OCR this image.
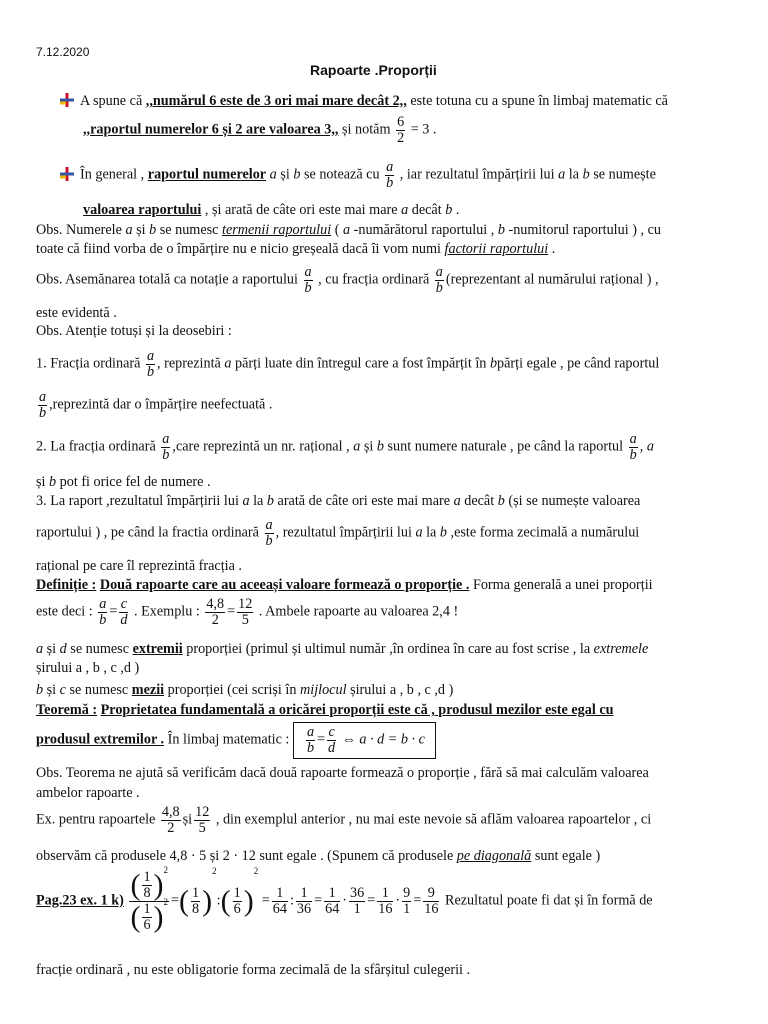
7.12.2020
Rapoarte .Proporții
A spune că ,,numărul 6 este de 3 ori mai mare decât 2,, este totuna cu a spune în limbaj matematic că
,,raportul numerelor 6 și 2 are valoarea 3,, și notăm $\frac{6}{2} = 3$ .
În general , raportul numerelor a și b se notează cu $\frac{a}{b}$ , iar rezultatul împărțirii lui a la b se numește
valoarea raportului , și arată de câte ori este mai mare a decât b .
Obs. Numerele a și b se numesc termenii raportului ( a -numărătorul raportului , b -numitorul raportului ) , cu
toate că fiind vorba de o împărțire nu e nicio greșeală dacă îi vom numi factorii raportului .
Obs. Asemănarea totală ca notație a raportului $\frac{a}{b}$ , cu fracția ordinară $\frac{a}{b}$ (reprezentant al numărului rațional ) ,
este evidentă .
Obs. Atenție totuși și la deosebiri :
1. Fracția ordinară $\frac{a}{b}$ , reprezintă a părți luate din întregul care a fost împărțit în bpărți egale , pe când raportul
$\frac{a}{b}$ ,reprezintă dar o împărțire neefectuată .
2. La fracția ordinară $\frac{a}{b}$ ,care reprezintă un nr. rațional , a și b sunt numere naturale , pe când la raportul $\frac{a}{b}$ , a
și b pot fi orice fel de numere .
3. La raport ,rezultatul împărțirii lui a la b arată de câte ori este mai mare a decât b (și se numește valoarea
raportului ) , pe când la fractia ordinară $\frac{a}{b}$ , rezultatul împărțirii lui a la b ,este forma zecimală a numărului
rațional pe care îl reprezintă fracția .
Definiție : Două rapoarte care au aceeași valoare formează o proporție . Forma generală a unei proporții
este deci : $\frac{a}{b} = \frac{c}{d}$ . Exemplu : $\frac{4,8}{2} = \frac{12}{5}$ . Ambele rapoarte au valoarea 2,4 !
a și d se numesc extremii proporției (primul și ultimul număr ,în ordinea în care au fost scrise , la extremele
șirului a , b , c ,d )
b și c se numesc mezii proporției (cei scriși în mijlocul șirului a , b , c ,d )
Teoremă : Proprietatea fundamentală a oricărei proporții este că , produsul mezilor este egal cu
produsul extremilor . În limbaj matematic : $\frac{a}{b} = \frac{c}{d}$ ⇔ a · d = b · c
Obs. Teorema ne ajută să verificăm dacă două rapoarte formează o proporție , fără să mai calculăm valoarea
ambelor rapoarte .
Ex. pentru rapoartele $\frac{4,8}{2}$ și $\frac{12}{5}$ , din exemplul anterior , nu mai este nevoie să aflăm valoarea rapoartelor , ci
observăm că produsele 4,8 · 5 și 2 · 12 sunt egale . (Spunem că produsele pe diagonală sunt egale )
Pag.23 ex. 1 $k) \frac{( \frac{1}{8} )^2}{( \frac{1}{6} )^2}$ =( $\frac{1}{8}$ )$^2$:( $\frac{1}{6} )^2 = \frac{1}{64}$ : $\frac{1}{36} = \frac{1}{64} \cdot \frac{36}{1} = \frac{1}{16} \cdot \frac{9}{1} = \frac{9}{16}$ Rezultatul poate fi dat și în formă de
fracție ordinară , nu este obligatorie forma zecimală de la sfârșitul culegerii .
